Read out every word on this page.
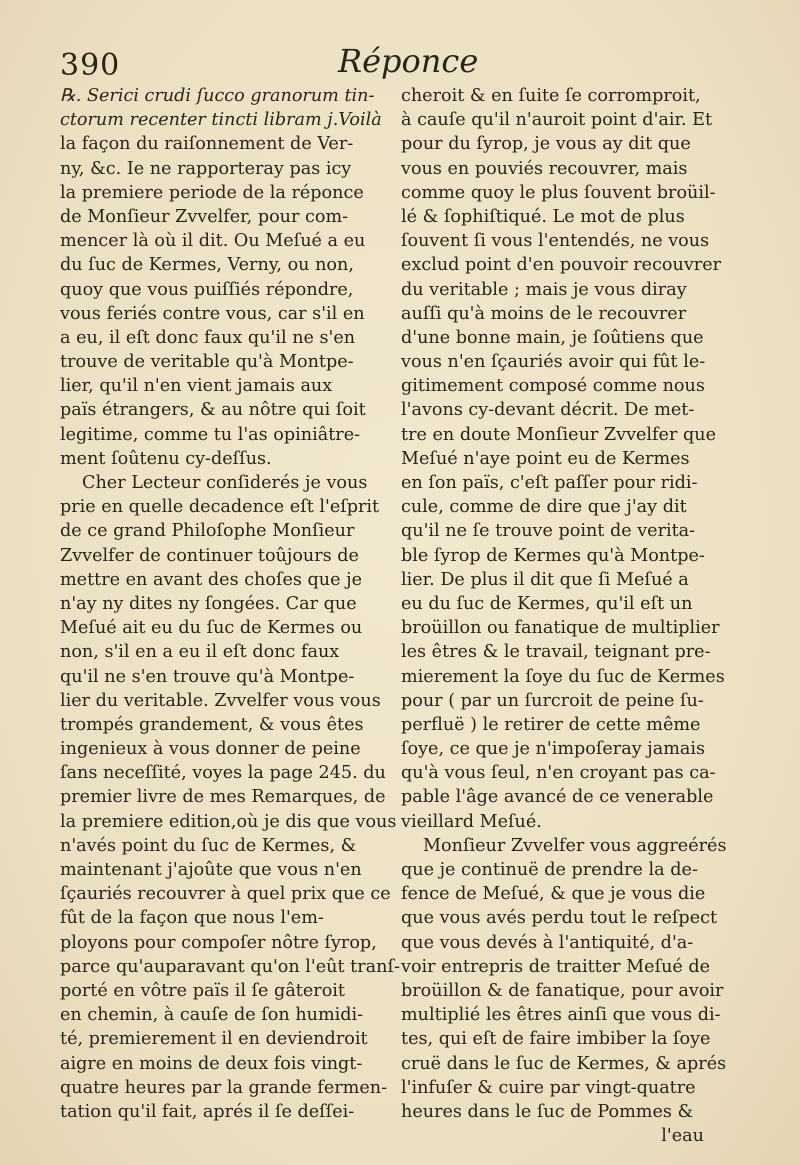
390	Réponce
℞. Serici crudi ſucco granorum tin-
ctorum recenter tincti libram j.Voilà
la façon du raiſonnement de Ver-
ny, &c. Ie ne rapporteray pas icy
la premiere periode de la réponce
de Monſieur Zvvelfer, pour com-
mencer là où il dit. Ou Meſué a eu
du ſuc de Kermes, Verny, ou non,
quoy que vous puiſſiés répondre,
vous feriés contre vous, car s'il en
a eu, il eſt donc faux qu'il ne s'en
trouve de veritable qu'à Montpe-
lier, qu'il n'en vient jamais aux
païs étrangers, & au nôtre qui ſoit
legitime, comme tu l'as opiniâtre-
ment ſoûtenu cy-deſſus.
Cher Lecteur conſiderés je vous
prie en quelle decadence eſt l'eſprit
de ce grand Philoſophe Monſieur
Zvvelfer de continuer toûjours de
mettre en avant des choſes que je
n'ay ny dites ny ſongées. Car que
Meſué ait eu du ſuc de Kermes ou
non, s'il en a eu il eſt donc faux
qu'il ne s'en trouve qu'à Montpe-
lier du veritable. Zvvelfer vous vous
trompés grandement, & vous êtes
ingenieux à vous donner de peine
ſans neceſſité, voyes la page 245. du
premier livre de mes Remarques, de
la premiere edition,où je dis que vous
n'avés point du ſuc de Kermes, &
maintenant j'ajoûte que vous n'en
ſçauriés recouvrer à quel prix que ce
fût de la façon que nous l'em-
ployons pour compoſer nôtre ſyrop,
parce qu'auparavant qu'on l'eût tranſ-
porté en vôtre païs il ſe gâteroit
en chemin, à cauſe de ſon humidi-
té, premierement il en deviendroit
aigre en moins de deux fois vingt-
quatre heures par la grande fermen-
tation qu'il fait, aprés il ſe deſſei-
cheroit & en ſuite ſe corromproit,
à cauſe qu'il n'auroit point d'air. Et
pour du ſyrop, je vous ay dit que
vous en pouviés recouvrer, mais
comme quoy le plus ſouvent broüil-
lé & ſophiſtiqué. Le mot de plus
ſouvent ſi vous l'entendés, ne vous
exclud point d'en pouvoir recouvrer
du veritable ; mais je vous diray
auſſi qu'à moins de le recouvrer
d'une bonne main, je ſoûtiens que
vous n'en ſçauriés avoir qui fût le-
gitimement composé comme nous
l'avons cy-devant décrit. De met-
tre en doute Monſieur Zvvelfer que
Meſué n'aye point eu de Kermes
en ſon païs, c'eſt paſſer pour ridi-
cule, comme de dire que j'ay dit
qu'il ne ſe trouve point de verita-
ble ſyrop de Kermes qu'à Montpe-
lier. De plus il dit que ſi Meſué a
eu du ſuc de Kermes, qu'il eſt un
broüillon ou fanatique de multiplier
les êtres & le travail, teignant pre-
mierement la ſoye du ſuc de Kermes
pour ( par un ſurcroit de peine ſu-
perfluë ) le retirer de cette même
ſoye, ce que je n'impoſeray jamais
qu'à vous ſeul, n'en croyant pas ca-
pable l'âge avancé de ce venerable
vieillard Meſué.
Monſieur Zvvelfer vous aggreérés
que je continuë de prendre la de-
fence de Meſué, & que je vous die
que vous avés perdu tout le reſpect
que vous devés à l'antiquité, d'a-
voir entrepris de traitter Meſué de
broüillon & de fanatique, pour avoir
multiplié les êtres ainſi que vous di-
tes, qui eſt de faire imbiber la ſoye
cruë dans le ſuc de Kermes, & aprés
l'infuſer & cuire par vingt-quatre
heures dans le ſuc de Pommes &
l'eau
